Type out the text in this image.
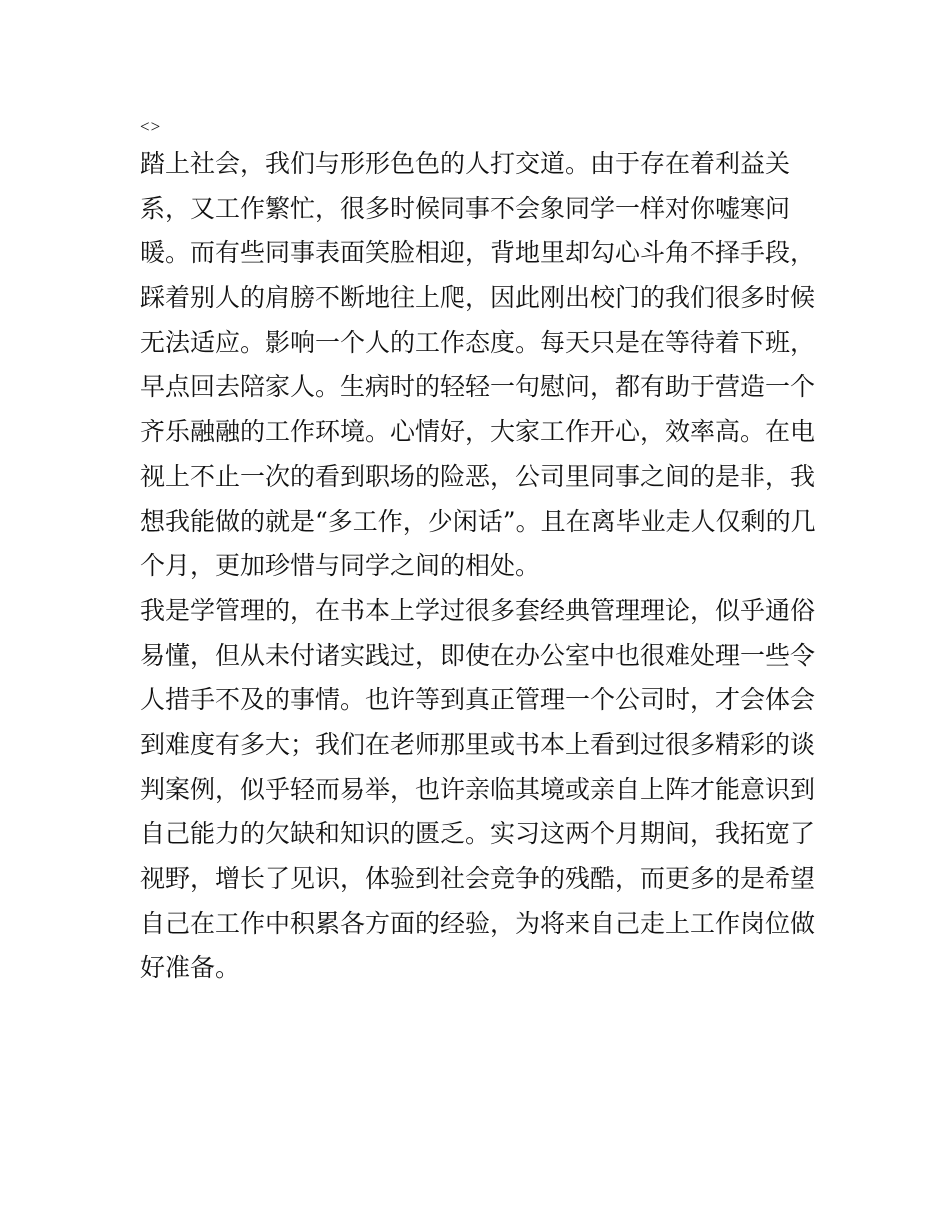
<>
踏上社会，我们与形形色色的人打交道。由于存在着利益关
系，又工作繁忙，很多时候同事不会象同学一样对你嘘寒问
暖。而有些同事表面笑脸相迎，背地里却勾心斗角不择手段，
踩着别人的肩膀不断地往上爬，因此刚出校门的我们很多时候
无法适应。影响一个人的工作态度。每天只是在等待着下班，
早点回去陪家人。生病时的轻轻一句慰问，都有助于营造一个
齐乐融融的工作环境。心情好，大家工作开心，效率高。在电
视上不止一次的看到职场的险恶，公司里同事之间的是非，我
想我能做的就是“多工作，少闲话”。且在离毕业走人仅剩的几
个月，更加珍惜与同学之间的相处。
我是学管理的，在书本上学过很多套经典管理理论，似乎通俗
易懂，但从未付诸实践过，即使在办公室中也很难处理一些令
人措手不及的事情。也许等到真正管理一个公司时，才会体会
到难度有多大；我们在老师那里或书本上看到过很多精彩的谈
判案例，似乎轻而易举，也许亲临其境或亲自上阵才能意识到
自己能力的欠缺和知识的匮乏。实习这两个月期间，我拓宽了
视野，增长了见识，体验到社会竞争的残酷，而更多的是希望
自己在工作中积累各方面的经验，为将来自己走上工作岗位做
好准备。
